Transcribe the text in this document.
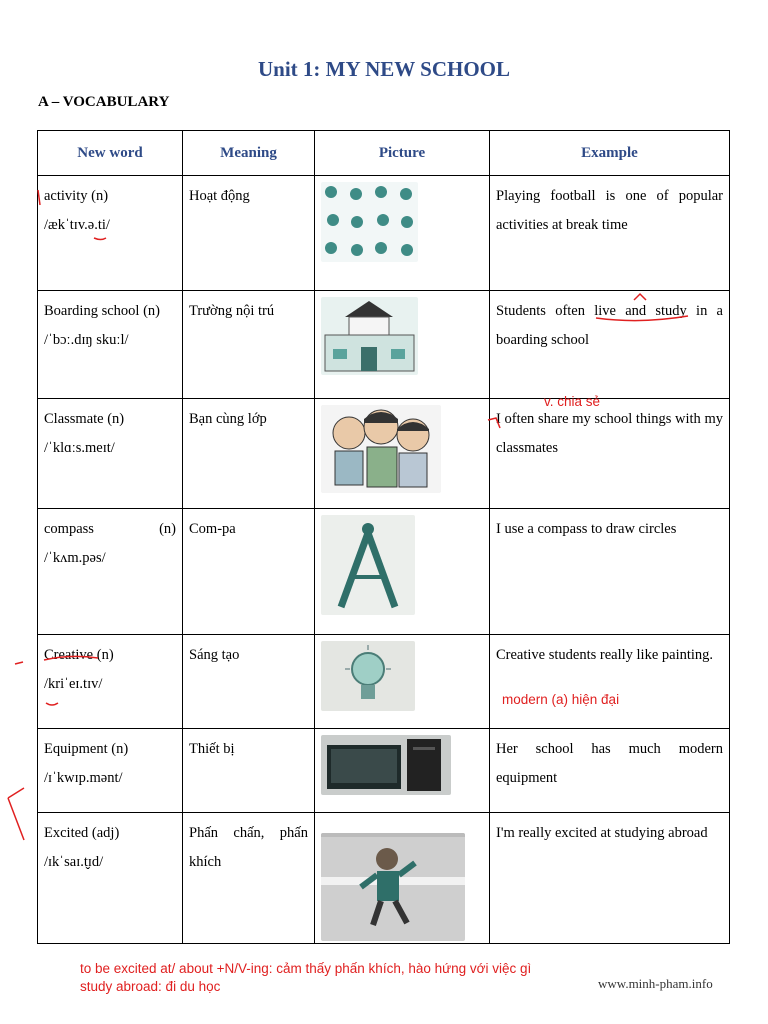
Unit 1: MY NEW SCHOOL
A – VOCABULARY
New word	Meaning	Picture	Example

activity (n)
/ækˈtɪv.ə.ti/	Hoạt động		Playing football is one of popular activities at break time

Boarding school (n)
/ˈbɔː.dɪŋ skuːl/	Trường nội trú		Students often live and study in a boarding school

Classmate (n)
/ˈklɑːs.meɪt/	Bạn cùng lớp		I often share my school things with my classmates

compass (n)
/ˈkʌm.pəs/	Com-pa		I use a compass to draw circles

Creative (n)
/kriˈeɪ.tɪv/	Sáng tạo		Creative students really like painting.

Equipment (n)
/ɪˈkwɪp.mənt/	Thiết bị		Her school has much modern equipment

Excited (adj)
/ɪkˈsaɪ.t̬ɪd/	Phấn chấn, phấn khích		I'm really excited at studying abroad
v. chia sẻ
modern (a) hiện đại
to be excited at/ about +N/V-ing: cảm thấy phấn khích, hào hứng với việc gì
study abroad: đi du học	www.minh-pham.info
